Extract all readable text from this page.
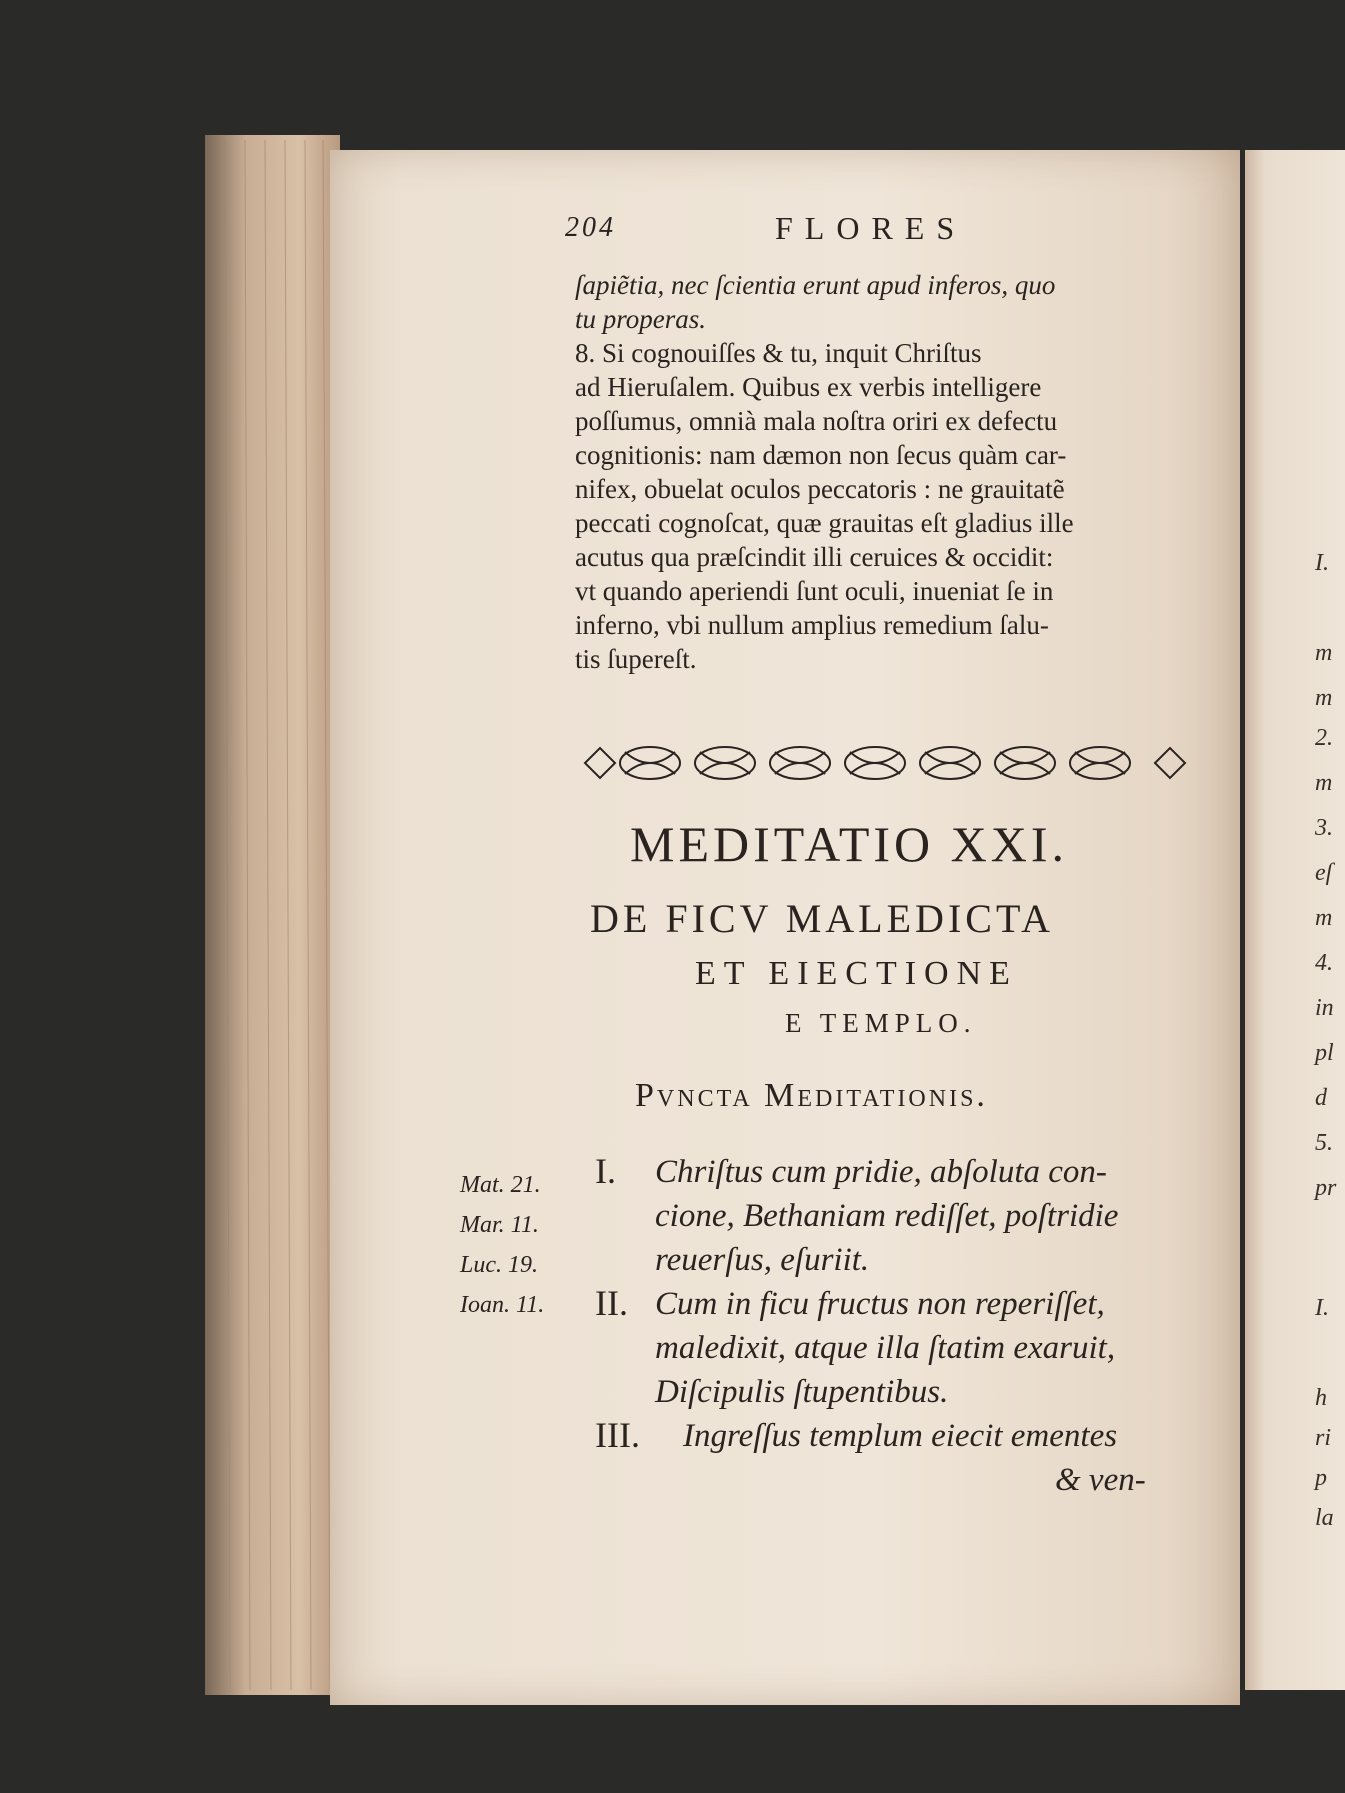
I.
m
m
2.
m
3.
eſ
m
4.
in
pl
d
5.
pr
I.
h
ri
p
la
204	FLORES
ſapiẽtia, nec ſcientia erunt apud inferos, quo
tu properas.
8. Si cognouiſſes & tu, inquit Chriſtus
ad Hieruſalem. Quibus ex verbis intelligere
poſſumus, omnià mala noſtra oriri ex defectu
cognitionis: nam dæmon non ſecus quàm car-
nifex, obuelat oculos peccatoris : ne grauitatẽ
peccati cognoſcat, quæ grauitas eſt gladius ille
acutus qua præſcindit illi ceruices & occidit:
vt quando aperiendi ſunt oculi, inueniat ſe in
inferno, vbi nullum amplius remedium ſalu-
tis ſupereſt.
MEDITATIO XXI.
DE FICV MALEDICTA
ET EIECTIONE
E TEMPLO.
Pvncta Meditationis.
Mat. 21.
Mar. 11.
Luc. 19.
Ioan. 11.
I.	Chriſtus cum pridie, abſoluta con-
cione, Bethaniam rediſſet, poſtridie
reuerſus, eſuriit.
II. Cum in ficu fructus non reperiſſet,
maledixit, atque illa ſtatim exaruit,
Diſcipulis ſtupentibus.
III.	Ingreſſus templum eiecit ementes
& ven-
